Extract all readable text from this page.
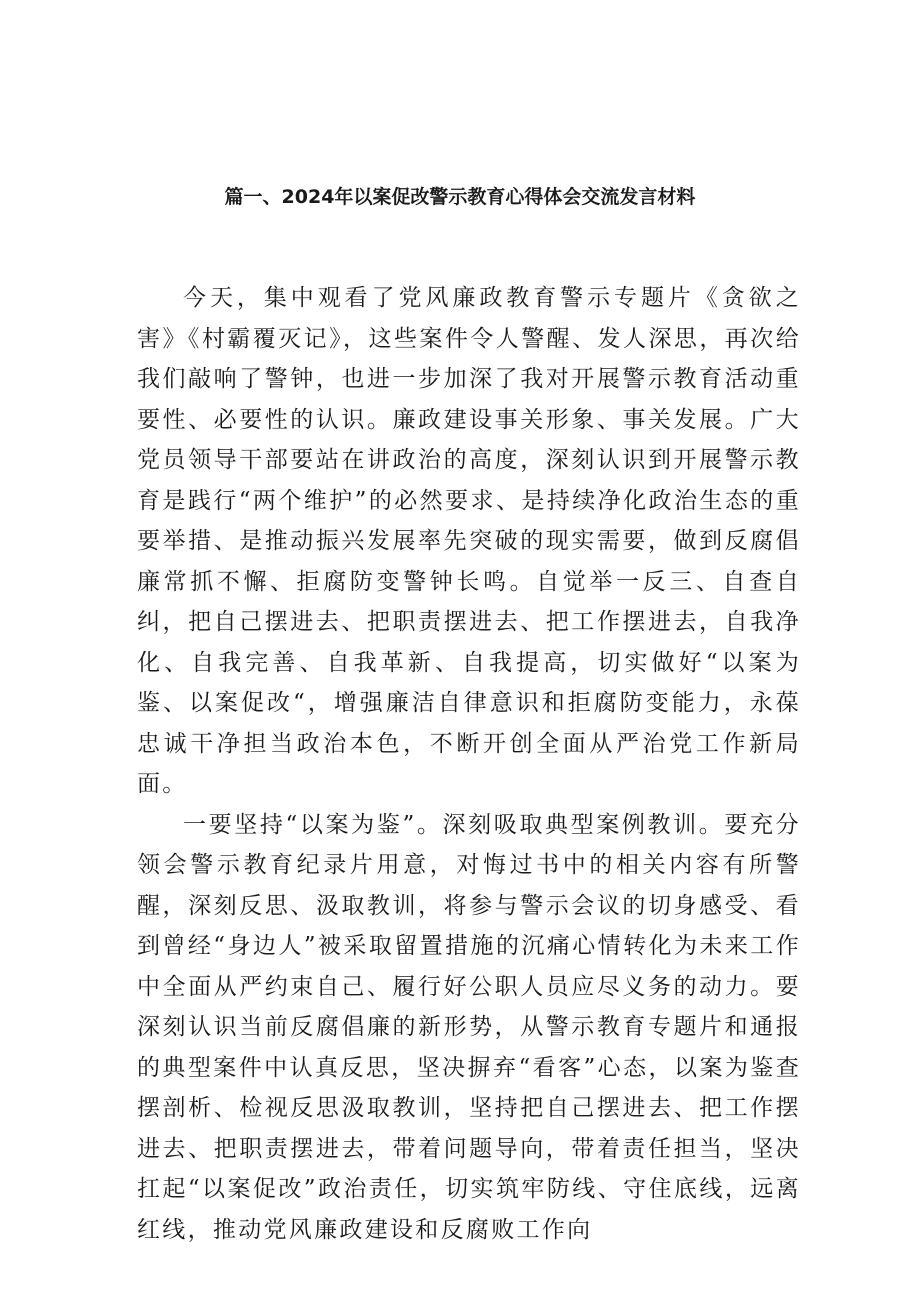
篇一、2024年以案促改警示教育心得体会交流发言材料

今天，集中观看了党风廉政教育警示专题片《贪欲之害》《村霸覆灭记》，这些案件令人警醒、发人深思，再次给我们敲响了警钟，也进一步加深了我对开展警示教育活动重要性、必要性的认识。廉政建设事关形象、事关发展。广大党员领导干部要站在讲政治的高度，深刻认识到开展警示教育是践行“两个维护”的必然要求、是持续净化政治生态的重要举措、是推动振兴发展率先突破的现实需要，做到反腐倡廉常抓不懈、拒腐防变警钟长鸣。自觉举一反三、自查自纠，把自己摆进去、把职责摆进去、把工作摆进去，自我净化、自我完善、自我革新、自我提高，切实做好“以案为鉴、以案促改“，增强廉洁自律意识和拒腐防变能力，永葆忠诚干净担当政治本色，不断开创全面从严治党工作新局面。

一要坚持“以案为鉴”。深刻吸取典型案例教训。要充分领会警示教育纪录片用意，对悔过书中的相关内容有所警醒，深刻反思、汲取教训，将参与警示会议的切身感受、看到曾经“身边人”被采取留置措施的沉痛心情转化为未来工作中全面从严约束自己、履行好公职人员应尽义务的动力。要深刻认识当前反腐倡廉的新形势，从警示教育专题片和通报的典型案件中认真反思，坚决摒弃“看客”心态，以案为鉴查摆剖析、检视反思汲取教训，坚持把自己摆进去、把工作摆进去、把职责摆进去，带着问题导向，带着责任担当，坚决扛起“以案促改”政治责任，切实筑牢防线、守住底线，远离红线，推动党风廉政建设和反腐败工作向
